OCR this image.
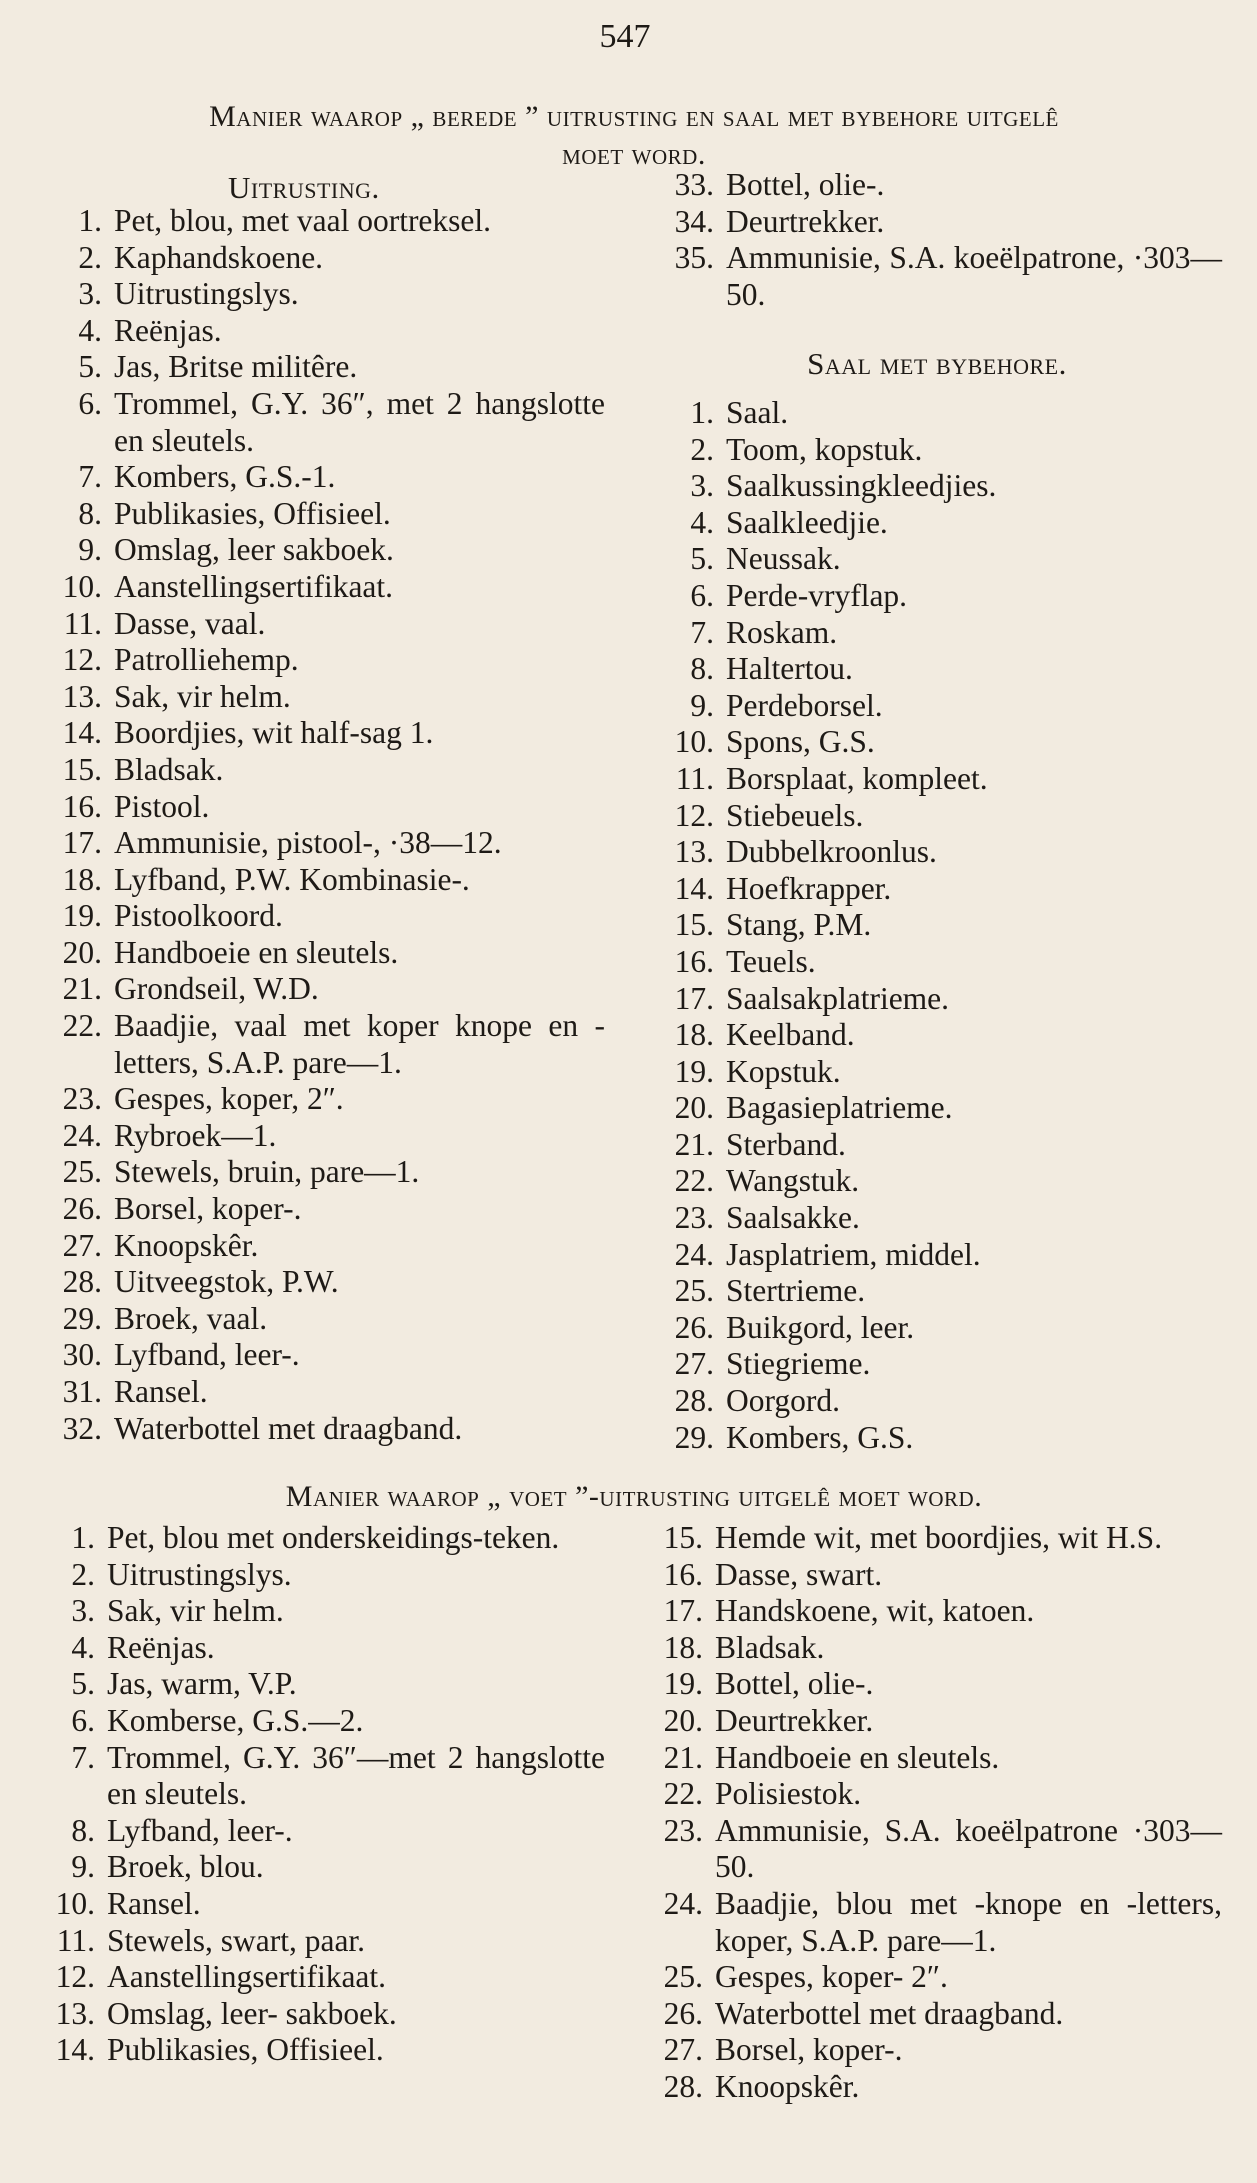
547
Manier waarop „ berede ” uitrusting en saal met bybehore uitgelê
moet word.
Uitrusting.
1. Pet, blou, met vaal oortreksel.
2. Kaphandskoene.
3. Uitrustingslys.
4. Reënjas.
5. Jas, Britse militêre.
6. Trommel, G.Y. 36″, met 2 hangslotte en sleutels.
7. Kombers, G.S.-1.
8. Publikasies, Offisieel.
9. Omslag, leer sakboek.
10. Aanstellingsertifikaat.
11. Dasse, vaal.
12. Patrolliehemp.
13. Sak, vir helm.
14. Boordjies, wit half-sag 1.
15. Bladsak.
16. Pistool.
17. Ammunisie, pistool-, ·38—12.
18. Lyfband, P.W. Kombinasie-.
19. Pistoolkoord.
20. Handboeie en sleutels.
21. Grondseil, W.D.
22. Baadjie, vaal met koper knope en -letters, S.A.P. pare—1.
23. Gespes, koper, 2″.
24. Rybroek—1.
25. Stewels, bruin, pare—1.
26. Borsel, koper-.
27. Knoopskêr.
28. Uitveegstok, P.W.
29. Broek, vaal.
30. Lyfband, leer-.
31. Ransel.
32. Waterbottel met draagband.
33. Bottel, olie-.
34. Deurtrekker.
35. Ammunisie, S.A. koeëlpatrone, ·303—50.
Saal met bybehore.
1. Saal.
2. Toom, kopstuk.
3. Saalkussingkleedjies.
4. Saalkleedjie.
5. Neussak.
6. Perde-vryflap.
7. Roskam.
8. Haltertou.
9. Perdeborsel.
10. Spons, G.S.
11. Borsplaat, kompleet.
12. Stiebeuels.
13. Dubbelkroonlus.
14. Hoefkrapper.
15. Stang, P.M.
16. Teuels.
17. Saalsakplatrieme.
18. Keelband.
19. Kopstuk.
20. Bagasieplatrieme.
21. Sterband.
22. Wangstuk.
23. Saalsakke.
24. Jasplatriem, middel.
25. Stertrieme.
26. Buikgord, leer.
27. Stiegrieme.
28. Oorgord.
29. Kombers, G.S.
Manier waarop „ voet ”-uitrusting uitgelê moet word.
1. Pet, blou met onderskeidings-teken.
2. Uitrustingslys.
3. Sak, vir helm.
4. Reënjas.
5. Jas, warm, V.P.
6. Komberse, G.S.—2.
7. Trommel, G.Y. 36″—met 2 hangslotte en sleutels.
8. Lyfband, leer-.
9. Broek, blou.
10. Ransel.
11. Stewels, swart, paar.
12. Aanstellingsertifikaat.
13. Omslag, leer- sakboek.
14. Publikasies, Offisieel.
15. Hemde wit, met boordjies, wit H.S.
16. Dasse, swart.
17. Handskoene, wit, katoen.
18. Bladsak.
19. Bottel, olie-.
20. Deurtrekker.
21. Handboeie en sleutels.
22. Polisiestok.
23. Ammunisie, S.A. koeëlpatrone ·303—50.
24. Baadjie, blou met -knope en -letters, koper, S.A.P. pare—1.
25. Gespes, koper- 2″.
26. Waterbottel met draagband.
27. Borsel, koper-.
28. Knoopskêr.
